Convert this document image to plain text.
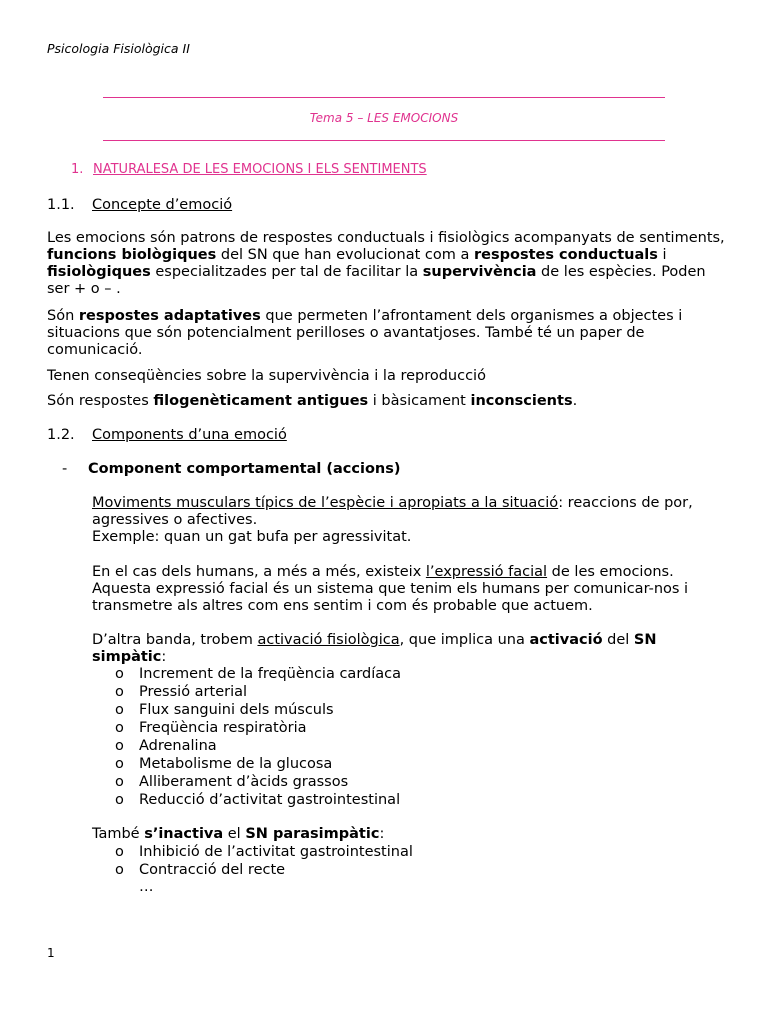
Psicologia Fisiològica II
Tema 5 – LES EMOCIONS
1. NATURALESA DE LES EMOCIONS I ELS SENTIMENTS
1.1. Concepte d’emoció

Les emocions són patrons de respostes conductuals i fisiològics acompanyats de sentiments, funcions biològiques del SN que han evolucionat com a respostes conductuals i fisiològiques especialitzades per tal de facilitar la supervivència de les espècies. Poden ser + o – .

Són respostes adaptatives que permeten l’afrontament dels organismes a objectes i situacions que són potencialment perilloses o avantatjoses. També té un paper de comunicació.

Tenen conseqüències sobre la supervivència i la reproducció

Són respostes filogenèticament antigues i bàsicament inconscients.

1.2. Components d’una emoció
- Component comportamental (accions)

Moviments musculars típics de l’espècie i apropiats a la situació: reaccions de por, agressives o afectives.

Exemple: quan un gat bufa per agressivitat.

En el cas dels humans, a més a més, existeix l’expressió facial de les emocions. Aquesta expressió facial és un sistema que tenim els humans per comunicar-nos i transmetre als altres com ens sentim i com és probable que actuem.

D’altra banda, trobem activació fisiològica, que implica una activació del SN simpàtic:

o Increment de la freqüència cardíaca
o Pressió arterial
o Flux sanguini dels músculs
o Freqüència respiratòria
o Adrenalina
o Metabolisme de la glucosa
o Alliberament d’àcids grassos
o Reducció d’activitat gastrointestinal

També s’inactiva el SN parasimpàtic:

o Inhibició de l’activitat gastrointestinal
o Contracció del recte
…
1
